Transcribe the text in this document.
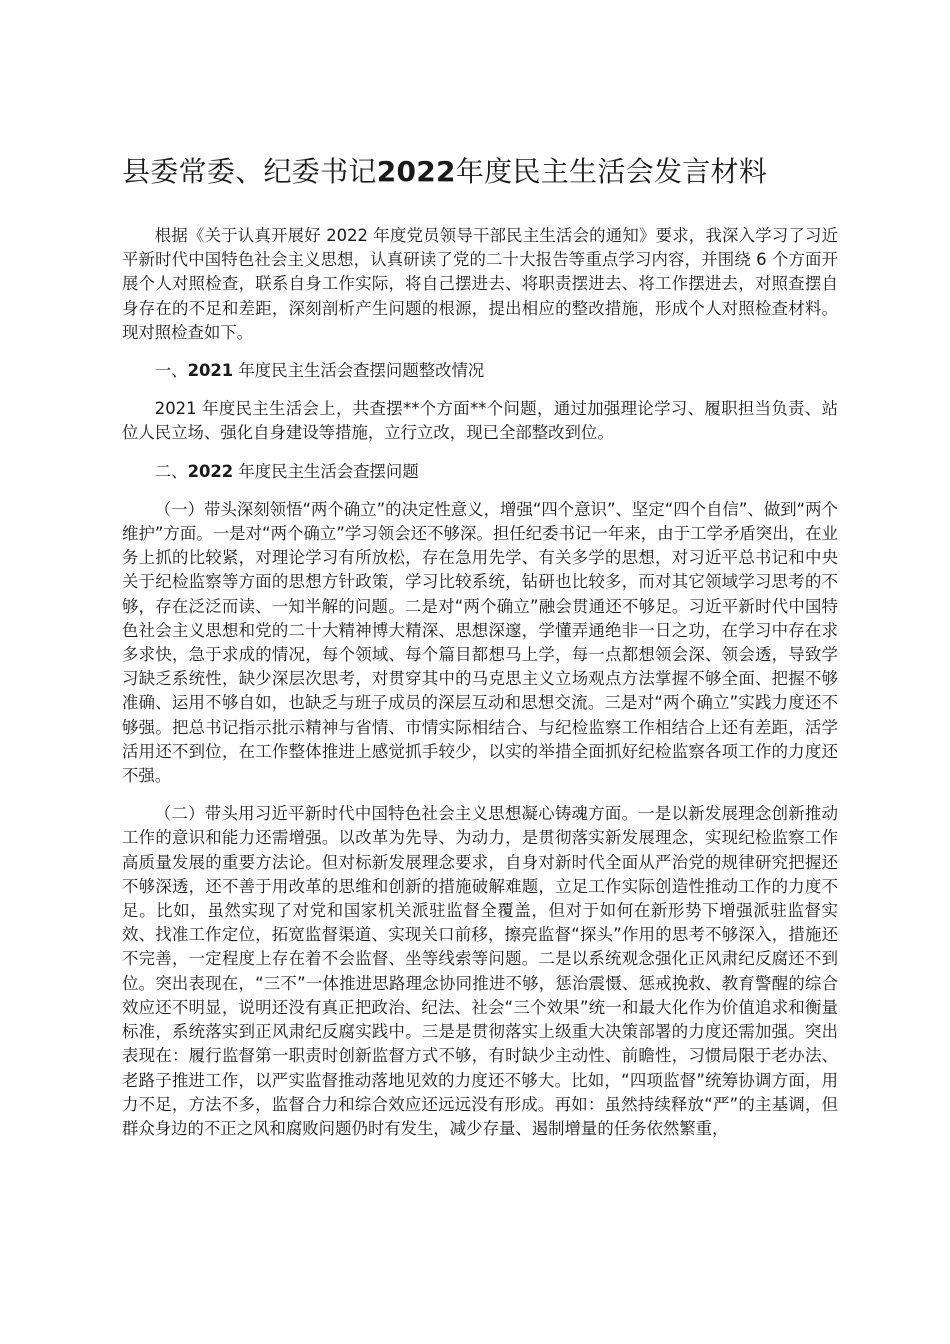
县委常委、纪委书记2022年度民主生活会发言材料

根据《关于认真开展好 2022 年度党员领导干部民主生活会的通知》要求，我深入学习了习近平新时代中国特色社会主义思想，认真研读了党的二十大报告等重点学习内容，并围绕 6 个方面开展个人对照检查，联系自身工作实际，将自己摆进去、将职责摆进去、将工作摆进去，对照查摆自身存在的不足和差距，深刻剖析产生问题的根源，提出相应的整改措施，形成个人对照检查材料。现对照检查如下。

一、2021 年度民主生活会查摆问题整改情况

2021 年度民主生活会上，共查摆**个方面**个问题，通过加强理论学习、履职担当负责、站位人民立场、强化自身建设等措施，立行立改，现已全部整改到位。

二、2022 年度民主生活会查摆问题

（一）带头深刻领悟“两个确立”的决定性意义，增强“四个意识”、坚定“四个自信”、做到“两个维护”方面。一是对“两个确立”学习领会还不够深。担任纪委书记一年来，由于工学矛盾突出，在业务上抓的比较紧，对理论学习有所放松，存在急用先学、有关多学的思想，对习近平总书记和中央关于纪检监察等方面的思想方针政策，学习比较系统，钻研也比较多，而对其它领域学习思考的不够，存在泛泛而读、一知半解的问题。二是对“两个确立”融会贯通还不够足。习近平新时代中国特色社会主义思想和党的二十大精神博大精深、思想深邃，学懂弄通绝非一日之功，在学习中存在求多求快，急于求成的情况，每个领域、每个篇目都想马上学，每一点都想领会深、领会透，导致学习缺乏系统性，缺少深层次思考，对贯穿其中的马克思主义立场观点方法掌握不够全面、把握不够准确、运用不够自如，也缺乏与班子成员的深层互动和思想交流。三是对“两个确立”实践力度还不够强。把总书记指示批示精神与省情、市情实际相结合、与纪检监察工作相结合上还有差距，活学活用还不到位，在工作整体推进上感觉抓手较少，以实的举措全面抓好纪检监察各项工作的力度还不强。

（二）带头用习近平新时代中国特色社会主义思想凝心铸魂方面。一是以新发展理念创新推动工作的意识和能力还需增强。以改革为先导、为动力，是贯彻落实新发展理念，实现纪检监察工作高质量发展的重要方法论。但对标新发展理念要求，自身对新时代全面从严治党的规律研究把握还不够深透，还不善于用改革的思维和创新的措施破解难题，立足工作实际创造性推动工作的力度不足。比如，虽然实现了对党和国家机关派驻监督全覆盖，但对于如何在新形势下增强派驻监督实效、找准工作定位，拓宽监督渠道、实现关口前移，擦亮监督“探头”作用的思考不够深入，措施还不完善，一定程度上存在着不会监督、坐等线索等问题。二是以系统观念强化正风肃纪反腐还不到位。突出表现在，“三不”一体推进思路理念协同推进不够，惩治震慑、惩戒挽救、教育警醒的综合效应还不明显，说明还没有真正把政治、纪法、社会“三个效果”统一和最大化作为价值追求和衡量标准，系统落实到正风肃纪反腐实践中。三是是贯彻落实上级重大决策部署的力度还需加强。突出表现在：履行监督第一职责时创新监督方式不够，有时缺少主动性、前瞻性，习惯局限于老办法、老路子推进工作，以严实监督推动落地见效的力度还不够大。比如，“四项监督”统筹协调方面，用力不足，方法不多，监督合力和综合效应还远远没有形成。再如：虽然持续释放“严”的主基调，但群众身边的不正之风和腐败问题仍时有发生，减少存量、遏制增量的任务依然繁重，
